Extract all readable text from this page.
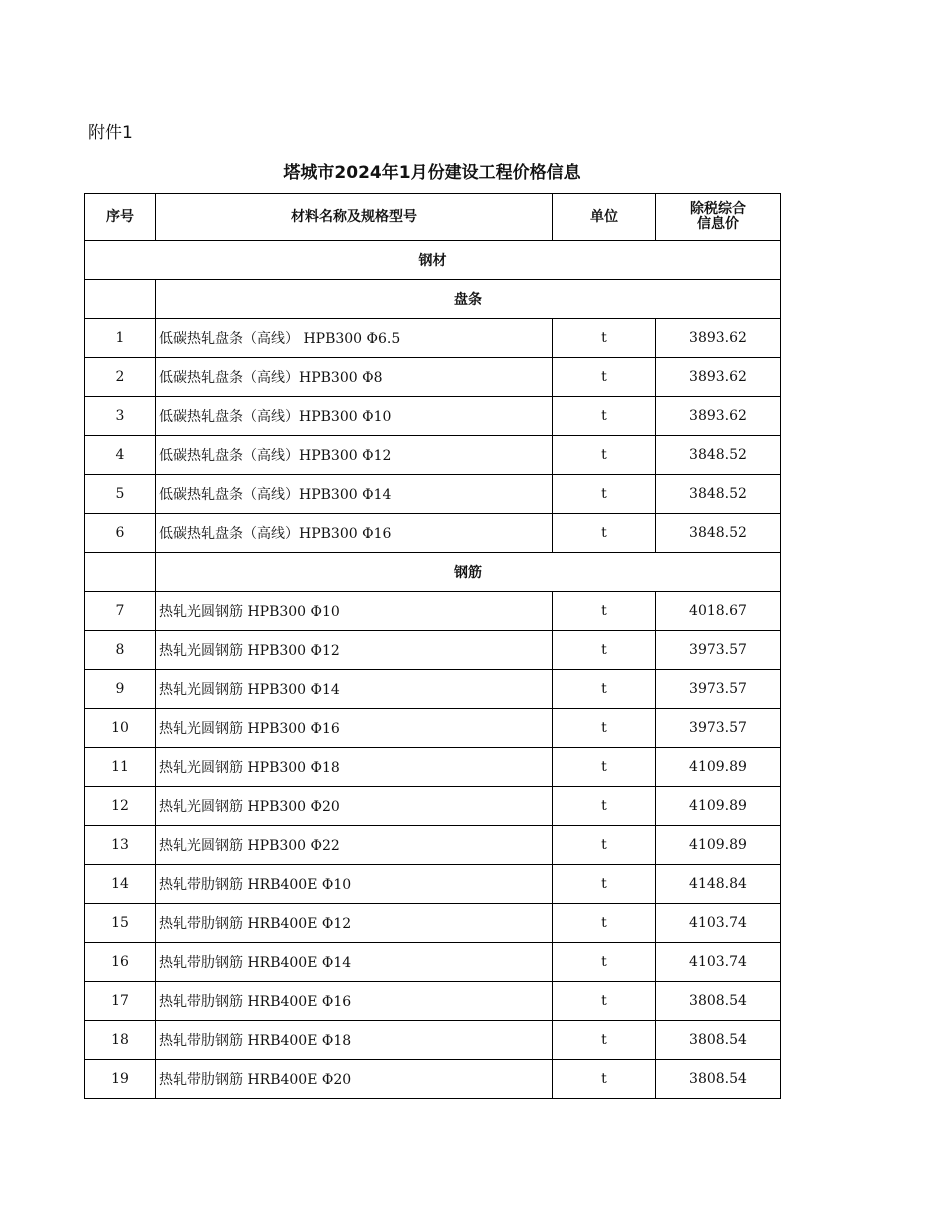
附件1
塔城市2024年1月份建设工程价格信息
序号	材料名称及规格型号	单位	除税综合
信息价

钢材			
	盘条		
1	低碳热轧盘条（高线） HPB300 Φ6.5	t	3893.62
2	低碳热轧盘条（高线）HPB300 Φ8	t	3893.62
3	低碳热轧盘条（高线）HPB300 Φ10	t	3893.62
4	低碳热轧盘条（高线）HPB300 Φ12	t	3848.52
5	低碳热轧盘条（高线）HPB300 Φ14	t	3848.52
6	低碳热轧盘条（高线）HPB300 Φ16	t	3848.52
	钢筋		
7	热轧光圆钢筋 HPB300 Φ10	t	4018.67
8	热轧光圆钢筋 HPB300 Φ12	t	3973.57
9	热轧光圆钢筋 HPB300 Φ14	t	3973.57
10	热轧光圆钢筋 HPB300 Φ16	t	3973.57
11	热轧光圆钢筋 HPB300 Φ18	t	4109.89
12	热轧光圆钢筋 HPB300 Φ20	t	4109.89
13	热轧光圆钢筋 HPB300 Φ22	t	4109.89
14	热轧带肋钢筋 HRB400E Φ10	t	4148.84
15	热轧带肋钢筋 HRB400E Φ12	t	4103.74
16	热轧带肋钢筋 HRB400E Φ14	t	4103.74
17	热轧带肋钢筋 HRB400E Φ16	t	3808.54
18	热轧带肋钢筋 HRB400E Φ18	t	3808.54
19	热轧带肋钢筋 HRB400E Φ20	t	3808.54
